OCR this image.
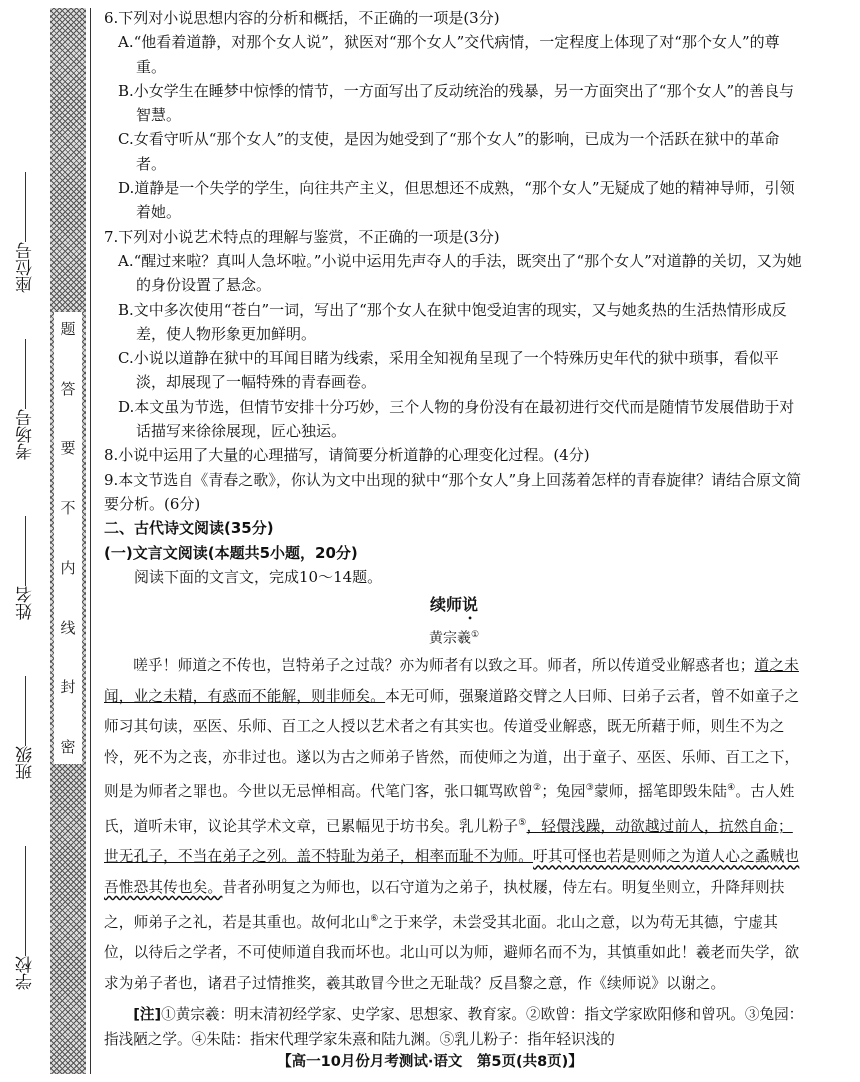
题
答
要
不
内
线
封
密
座位号
考场号
姓名
班级
学校

6.下列对小说思想内容的分析和概括，不正确的一项是(3分)

A.“他看着道静，对那个女人说”，狱医对“那个女人”交代病情，一定程度上体现了对“那个女人”的尊重。

B.小女学生在睡梦中惊悸的情节，一方面写出了反动统治的残暴，另一方面突出了“那个女人”的善良与智慧。

C.女看守听从“那个女人”的支使，是因为她受到了“那个女人”的影响，已成为一个活跃在狱中的革命者。

D.道静是一个失学的学生，向往共产主义，但思想还不成熟，“那个女人”无疑成了她的精神导师，引领着她。

7.下列对小说艺术特点的理解与鉴赏，不正确的一项是(3分)

A.“醒过来啦？真叫人急坏啦。”小说中运用先声夺人的手法，既突出了“那个女人”对道静的关切，又为她的身份设置了悬念。

B.文中多次使用“苍白”一词，写出了“那个女人在狱中饱受迫害的现实，又与她炙热的生活热情形成反差，使人物形象更加鲜明。

C.小说以道静在狱中的耳闻目睹为线索，采用全知视角呈现了一个特殊历史年代的狱中琐事，看似平淡，却展现了一幅特殊的青春画卷。

D.本文虽为节选，但情节安排十分巧妙，三个人物的身份没有在最初进行交代而是随情节发展借助于对话描写来徐徐展现，匠心独运。

8.小说中运用了大量的心理描写，请简要分析道静的心理变化过程。(4分)

9.本文节选自《青春之歌》，你认为文中出现的狱中“那个女人”身上回荡着怎样的青春旋律？请结合原文简要分析。(6分)

二、古代诗文阅读(35分)

(一)文言文阅读(本题共5小题，20分)

阅读下面的文言文，完成10～14题。

续师说

黄宗羲①

嗟乎！师道之不传也，岂特弟子之过哉？亦为师者有以致之耳。师者，所以传道受业解惑者也；道之未闻，业之未精，有惑而不能解，则非师矣。本无可师，强聚道路交臂之人曰师、曰弟子云者，曾不如童子之师习其句读，巫医、乐师、百工之人授以艺术者之有其实也。传道受业解惑，既无所藉于师，则生不为之怜，死不为之丧，亦非过也。遂以为古之师弟子皆然，而使师之为道，出于童子、巫医、乐师、百工之下，则是为师者之罪也。今世以无忌惮相高。代笔门客，张口辄骂欧曾②；兔园③蒙师，摇笔即毁朱陆④。古人姓氏，道听未审，议论其学术文章，已累幅见于坊书矣。乳儿粉子⑤，轻儇浅躁，动欲越过前人，抗然自命；世无孔子，不当在弟子之列。盖不特耻为弟子，相率而耻不为师。吁其可怪也若是则师之为道人心之蟊贼也吾惟恐其传也矣。昔者孙明复之为师也，以石守道为之弟子，执杖屦，侍左右。明复坐则立，升降拜则扶之，师弟子之礼，若是其重也。故何北山⑥之于来学，未尝受其北面。北山之意，以为苟无其德，宁虚其位，以待后之学者，不可使师道自我而坏也。北山可以为师，避师名而不为，其慎重如此！羲老而失学，欲求为弟子者也，诸君子过情推奖，羲其敢冒今世之无耻哉？反昌黎之意，作《续师说》以谢之。

[注]①黄宗羲：明末清初经学家、史学家、思想家、教育家。②欧曾：指文学家欧阳修和曾巩。③兔园：指浅陋之学。④朱陆：指宋代理学家朱熹和陆九渊。⑤乳儿粉子：指年轻识浅的

【高一10月份月考测试·语文　第5页(共8页)】
